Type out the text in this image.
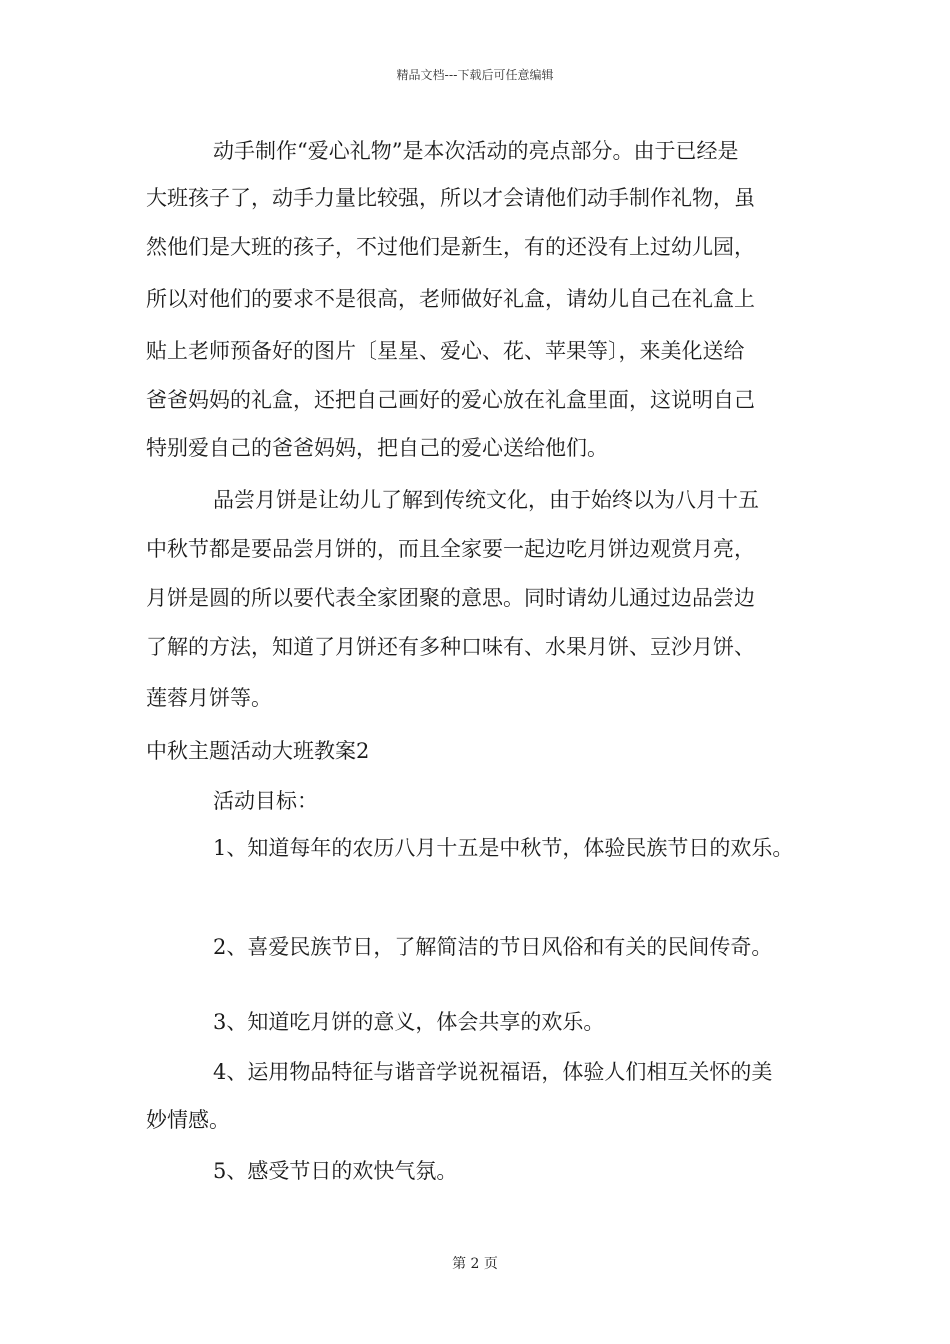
精品文档---下载后可任意编辑
动手制作“爱心礼物”是本次活动的亮点部分。由于已经是
大班孩子了，动手力量比较强，所以才会请他们动手制作礼物，虽
然他们是大班的孩子，不过他们是新生，有的还没有上过幼儿园，
所以对他们的要求不是很高，老师做好礼盒，请幼儿自己在礼盒上
贴上老师预备好的图片〔星星、爱心、花、苹果等〕，来美化送给
爸爸妈妈的礼盒，还把自己画好的爱心放在礼盒里面，这说明自己
特别爱自己的爸爸妈妈，把自己的爱心送给他们。
品尝月饼是让幼儿了解到传统文化，由于始终以为八月十五
中秋节都是要品尝月饼的，而且全家要一起边吃月饼边观赏月亮，
月饼是圆的所以要代表全家团聚的意思。同时请幼儿通过边品尝边
了解的方法，知道了月饼还有多种口味有、水果月饼、豆沙月饼、
莲蓉月饼等。
中秋主题活动大班教案2
活动目标：
1、知道每年的农历八月十五是中秋节，体验民族节日的欢乐。
2、喜爱民族节日，了解简洁的节日风俗和有关的民间传奇。
3、知道吃月饼的意义，体会共享的欢乐。
4、运用物品特征与谐音学说祝福语，体验人们相互关怀的美
妙情感。
5、感受节日的欢快气氛。
第 2 页
